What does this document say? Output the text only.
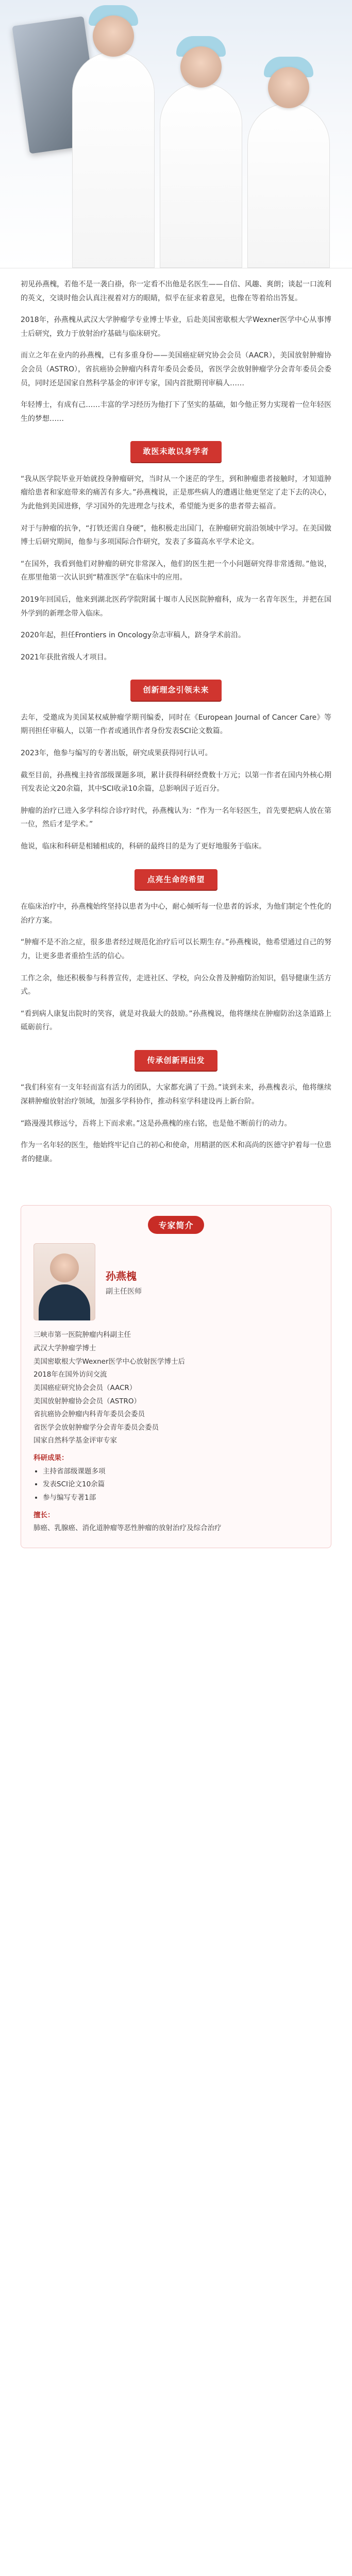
初见孙燕槐，若他不是一袭白褂，你一定看不出他是名医生——自信、风趣、爽朗；谈起一口流利的英文，交谈时他会认真注视着对方的眼睛，似乎在征求着意见，也像在等着给出答复。

2018年，孙燕槐从武汉大学肿瘤学专业博士毕业，后赴美国密歇根大学Wexner医学中心从事博士后研究，致力于放射治疗基础与临床研究。

而立之年在业内的孙燕槐，已有多重身份——美国癌症研究协会会员（AACR），美国放射肿瘤协会会员（ASTRO），省抗癌协会肿瘤内科青年委员会委员，省医学会放射肿瘤学分会青年委员会委员，同时还是国家自然科学基金的审评专家，国内首批期刊审稿人……

年轻博士，有成有己……丰富的学习经历为他打下了坚实的基础，如今他正努力实现着一位年轻医生的梦想……

敢医未敢以身学者

“我从医学院毕业开始就投身肿瘤研究，当时从一个迷茫的学生，到和肿瘤患者接触时，才知道肿瘤给患者和家庭带来的痛苦有多大。”孙燕槐说，正是那些病人的遭遇让他更坚定了走下去的决心，为此他到美国进修，学习国外的先进理念与技术，希望能为更多的患者带去福音。

对于与肿瘤的抗争，“打铁还需自身硬”，他积极走出国门，在肿瘤研究前沿领域中学习。在美国做博士后研究期间，他参与多项国际合作研究，发表了多篇高水平学术论文。

“在国外，我看到他们对肿瘤的研究非常深入，他们的医生把一个小问题研究得非常透彻。”他说，在那里他第一次认识到“精准医学”在临床中的应用。

2019年回国后，他来到湖北医药学院附属十堰市人民医院肿瘤科，成为一名青年医生，并把在国外学到的新理念带入临床。

2020年起，担任Frontiers in Oncology杂志审稿人，跻身学术前沿。

2021年获批省级人才项目。

创新理念引领未来

去年，受邀成为美国某权威肿瘤学期刊编委，同时在《European Journal of Cancer Care》等期刊担任审稿人，以第一作者或通讯作者身份发表SCI论文数篇。

2023年，他参与编写的专著出版，研究成果获得同行认可。

截至目前，孙燕槐主持省部级课题多项，累计获得科研经费数十万元；以第一作者在国内外核心期刊发表论文20余篇，其中SCI收录10余篇，总影响因子近百分。

肿瘤的治疗已进入多学科综合诊疗时代，孙燕槐认为：“作为一名年轻医生，首先要把病人放在第一位，然后才是学术。”

他说，临床和科研是相辅相成的，科研的最终目的是为了更好地服务于临床。

点亮生命的希望

在临床治疗中，孙燕槐始终坚持以患者为中心，耐心倾听每一位患者的诉求，为他们制定个性化的治疗方案。

“肿瘤不是不治之症，很多患者经过规范化治疗后可以长期生存。”孙燕槐说，他希望通过自己的努力，让更多患者重拾生活的信心。

工作之余，他还积极参与科普宣传，走进社区、学校，向公众普及肿瘤防治知识，倡导健康生活方式。

“看到病人康复出院时的笑容，就是对我最大的鼓励。”孙燕槐说，他将继续在肿瘤防治这条道路上砥砺前行。

传承创新再出发

“我们科室有一支年轻而富有活力的团队，大家都充满了干劲。”谈到未来，孙燕槐表示，他将继续深耕肿瘤放射治疗领域，加强多学科协作，推动科室学科建设再上新台阶。

“路漫漫其修远兮，吾将上下而求索。”这是孙燕槐的座右铭，也是他不断前行的动力。

作为一名年轻的医生，他始终牢记自己的初心和使命，用精湛的医术和高尚的医德守护着每一位患者的健康。

专家简介
孙燕槐
副主任医师
三峡市第一医院肿瘤内科副主任
武汉大学肿瘤学博士
美国密歇根大学Wexner医学中心放射医学博士后
2018年在国外访问交流
美国癌症研究协会会员（AACR）
美国放射肿瘤协会会员（ASTRO）
省抗癌协会肿瘤内科青年委员会委员
省医学会放射肿瘤学分会青年委员会委员
国家自然科学基金评审专家
科研成果：
• 主持省部级课题多项
• 发表SCI论文10余篇
• 参与编写专著1部
擅长：
肺癌、乳腺癌、消化道肿瘤等恶性肿瘤的放射治疗及综合治疗
